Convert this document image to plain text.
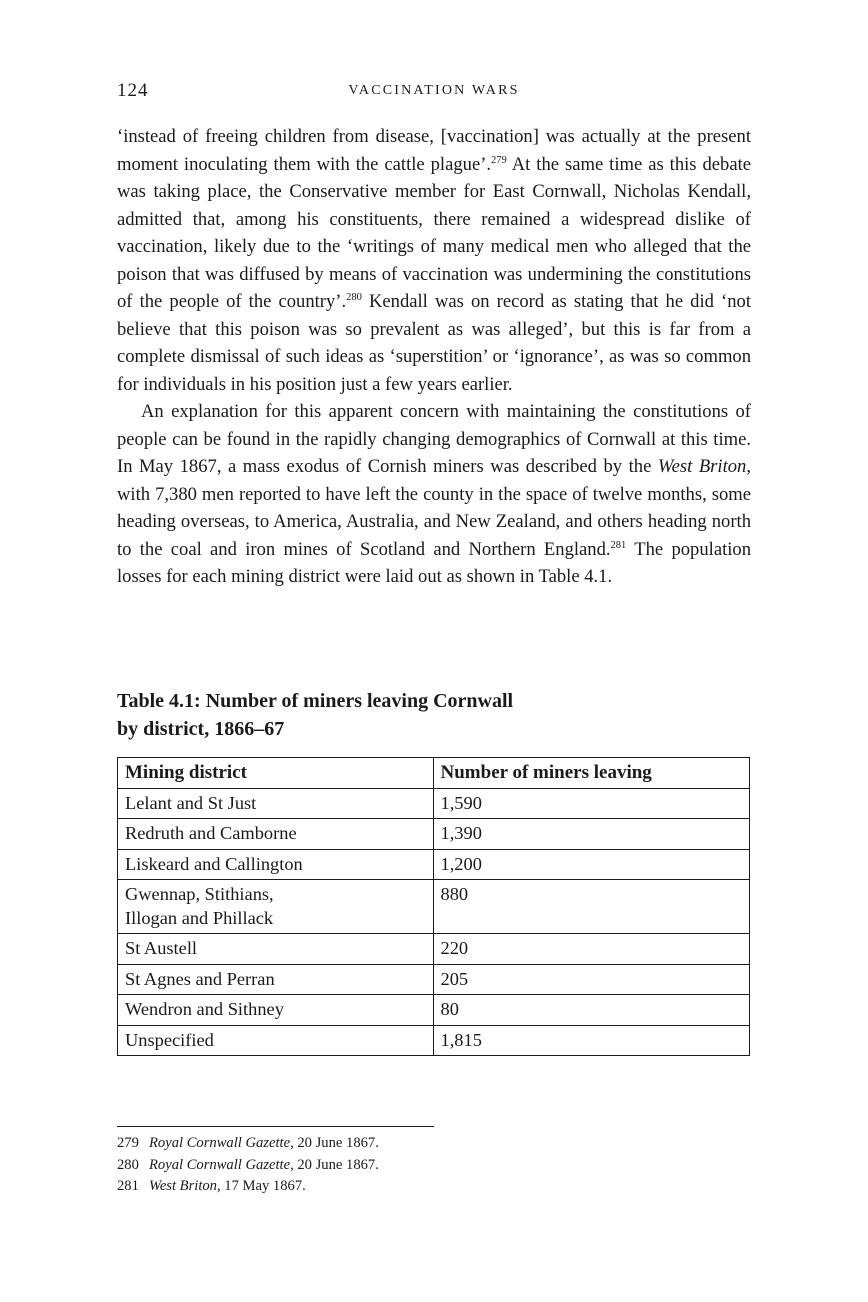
124	VACCINATION WARS

‘instead of freeing children from disease, [vaccination] was actually at the present moment inoculating them with the cattle plague’.$^{279}$ At the same time as this debate was taking place, the Conservative member for East Cornwall, Nicholas Kendall, admitted that, among his constituents, there remained a widespread dislike of vaccination, likely due to the ‘writings of many medical men who alleged that the poison that was diffused by means of vaccination was undermining the constitutions of the people of the country’.$^{280}$ Kendall was on record as stating that he did ‘not believe that this poison was so prevalent as was alleged’, but this is far from a complete dismissal of such ideas as ‘superstition’ or ‘ignorance’, as was so common for individuals in his position just a few years earlier.

An explanation for this apparent concern with maintaining the constitutions of people can be found in the rapidly changing demographics of Cornwall at this time. In May 1867, a mass exodus of Cornish miners was described by the West Briton, with 7,380 men reported to have left the county in the space of twelve months, some heading overseas, to America, Australia, and New Zealand, and others heading north to the coal and iron mines of Scotland and Northern England.$^{281}$ The population losses for each mining district were laid out as shown in Table 4.1.

Table 4.1: Number of miners leaving Cornwall
by district, 1866–67
Mining district	Number of miners leaving
Lelant and St Just	1,590
Redruth and Camborne	1,390
Liskeard and Callington	1,200
Gwennap, Stithians,
Illogan and Phillack	880
St Austell	220
St Agnes and Perran	205
Wendron and Sithney	80
Unspecified	1,815
279 Royal Cornwall Gazette, 20 June 1867.
280 Royal Cornwall Gazette, 20 June 1867.
281 West Briton, 17 May 1867.
